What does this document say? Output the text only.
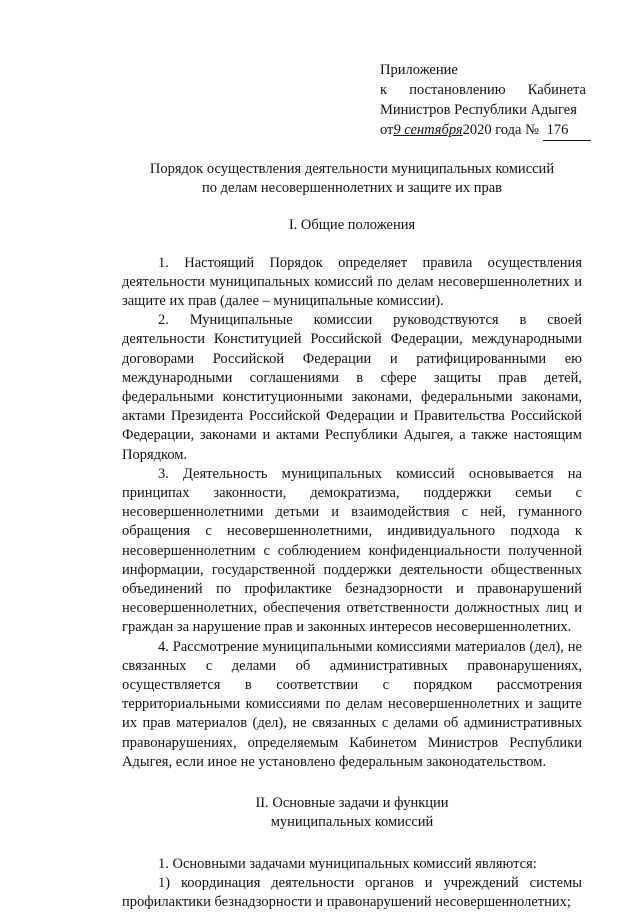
Приложение
к постановлению Кабинета
Министров Республики Адыгея
от9 сентября2020 года № 176

Порядок осуществления деятельности муниципальных комиссий

по делам несовершеннолетних и защите их прав

I. Общие положения

1. Настоящий Порядок определяет правила осуществления деятельности муниципальных комиссий по делам несовершеннолетних и защите их прав (далее – муниципальные комиссии).

2. Муниципальные комиссии руководствуются в своей деятельности Конституцией Российской Федерации, международными договорами Российской Федерации и ратифицированными ею международными соглашениями в сфере защиты прав детей, федеральными конституционными законами, федеральными законами, актами Президента Российской Федерации и Правительства Российской Федерации, законами и актами Республики Адыгея, а также настоящим Порядком.

3. Деятельность муниципальных комиссий основывается на принципах законности, демократизма, поддержки семьи с несовершеннолетними детьми и взаимодействия с ней, гуманного обращения с несовершеннолетними, индивидуального подхода к несовершеннолетним с соблюдением конфиденциальности полученной информации, государственной поддержки деятельности общественных объединений по профилактике безнадзорности и правонарушений несовершеннолетних, обеспечения ответственности должностных лиц и граждан за нарушение прав и законных интересов несовершеннолетних.

4. Рассмотрение муниципальными комиссиями материалов (дел), не связанных с делами об административных правонарушениях, осуществляется в соответствии с порядком рассмотрения территориальными комиссиями по делам несовершеннолетних и защите их прав материалов (дел), не связанных с делами об административных правонарушениях, определяемым Кабинетом Министров Республики Адыгея, если иное не установлено федеральным законодательством.

II. Основные задачи и функции

муниципальных комиссий

1. Основными задачами муниципальных комиссий являются:

1) координация деятельности органов и учреждений системы профилактики безнадзорности и правонарушений несовершеннолетних;
